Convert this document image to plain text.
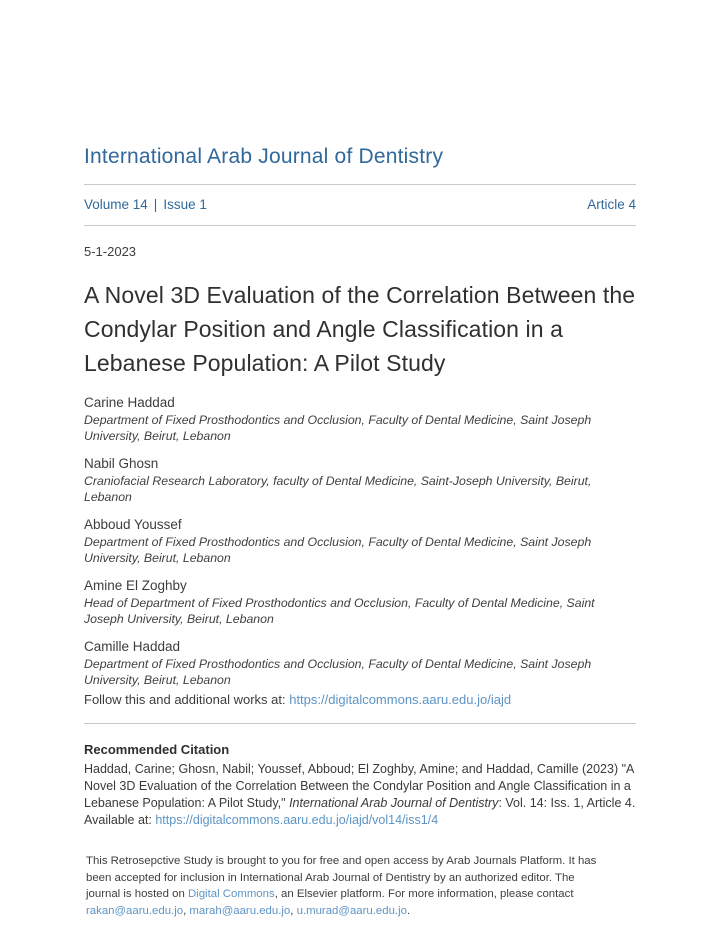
International Arab Journal of Dentistry
Volume 14 | Issue 1	Article 4
5-1-2023
A Novel 3D Evaluation of the Correlation Between the Condylar Position and Angle Classification in a Lebanese Population: A Pilot Study
Carine Haddad
Department of Fixed Prosthodontics and Occlusion, Faculty of Dental Medicine, Saint Joseph University, Beirut, Lebanon
Nabil Ghosn
Craniofacial Research Laboratory, faculty of Dental Medicine, Saint-Joseph University, Beirut, Lebanon
Abboud Youssef
Department of Fixed Prosthodontics and Occlusion, Faculty of Dental Medicine, Saint Joseph University, Beirut, Lebanon
Amine El Zoghby
Head of Department of Fixed Prosthodontics and Occlusion, Faculty of Dental Medicine, Saint Joseph University, Beirut, Lebanon
Camille Haddad
Department of Fixed Prosthodontics and Occlusion, Faculty of Dental Medicine, Saint Joseph University, Beirut, Lebanon
Follow this and additional works at: https://digitalcommons.aaru.edu.jo/iajd
Recommended Citation
Haddad, Carine; Ghosn, Nabil; Youssef, Abboud; El Zoghby, Amine; and Haddad, Camille (2023) "A Novel 3D Evaluation of the Correlation Between the Condylar Position and Angle Classification in a Lebanese Population: A Pilot Study," International Arab Journal of Dentistry: Vol. 14: Iss. 1, Article 4.
Available at: https://digitalcommons.aaru.edu.jo/iajd/vol14/iss1/4
This Retrosepctive Study is brought to you for free and open access by Arab Journals Platform. It has been accepted for inclusion in International Arab Journal of Dentistry by an authorized editor. The journal is hosted on Digital Commons, an Elsevier platform. For more information, please contact rakan@aaru.edu.jo, marah@aaru.edu.jo, u.murad@aaru.edu.jo.
